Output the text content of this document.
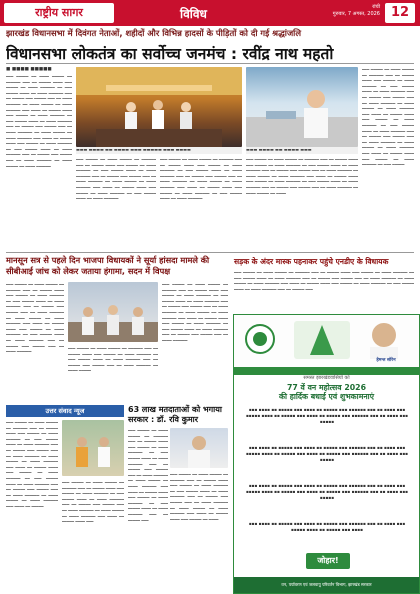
राष्ट्रीय सागर	विविध	रांची
गुरुवार, 7 अगस्त, 2026 12
झारखंड विधानसभा में दिवंगत नेताओं, शहीदों और विभिन्न हादसों के पीड़ितों को दी गई श्रद्धांजलि
विधानसभा लोकतंत्र का सर्वोच्च जनमंच : रवींद्र नाथ महतो
■ ■■■■ ■■■■■
━━━ ━━━━━ ━━ ━━━━ ━━━━━ ━━ ━━━━━━ ━━━ ━━ ━━━━━ ━━━━ ━━━ ━━━━━ ━━ ━━━━ ━━━━━━ ━━ ━━━ ━━━━━ ━━━━ ━━ ━━━━ ━━━━━━ ━━━ ━━ ━━━━━ ━━━ ━━━━━ ━━━ ━━ ━━━━ ━━━━━━ ━━ ━━━━ ━━━━━ ━━ ━━━━ ━━━━━━ ━━━ ━━━━ ━━ ━━━━━ ━━━━ ━━━ ━━━━━ ━━ ━━━━ ━━━━━━ ━━ ━━━ ━━━━━ ━━━━ ━━ ━━━━ ━━━━━━ ━━━ ━━ ━━━━━ ━━━ ━━━━━ ━━━ ━━ ━━━━ ━━━━━━ ━━ ━━━━ ━━━━━ ━━ ━━━━ ━━━━━━ ━━━ ━━━━ ━━ ━━━━━ ━━━━ ━━━ ━━━━━ ━━ ━━━━ ━━━━━━ ━━ ━━━ ━━━━━ ━━━━ ━━ ━━━━ ━━━━━━ ━━━ ━━ ━━━━━ ━━━ ━━━━━ ━━━ ━━ ━━━━ ━━━━━━ ━━ ━━━━ ━━━━━ ━━ ━━━━ ━━━━━━
▬▬▬ ▬▬▬▬ ▬▬ ▬▬▬▬ ▬▬▬ ▬▬▬▬▬ ▬▬▬ ▬▬▬▬	▬▬▬ ▬▬▬▬ ▬▬ ▬▬▬▬ ▬▬▬
━━━ ━━━━━ ━━ ━━━━ ━━━━━ ━━ ━━━━━━ ━━━ ━━ ━━━━━ ━━━━ ━━━ ━━━━━ ━━ ━━━━ ━━━━━━ ━━ ━━━ ━━━━━ ━━━━ ━━ ━━━━ ━━━━━━ ━━━ ━━ ━━━━━ ━━━ ━━━━━ ━━━ ━━ ━━━━ ━━━━━━ ━━ ━━━━ ━━━━━ ━━ ━━━━ ━━━━━━ ━━━ ━━━━ ━━ ━━━━━ ━━━━ ━━━ ━━━━━ ━━ ━━━━ ━━━━━━ ━━ ━━━ ━━━━━ ━━━━ ━━ ━━━━ ━━━━━━ ━━━ ━━ ━━━━━ ━━━ ━━━━━ ━━━ ━━ ━━━━ ━━━━━━ ━━ ━━━━ ━━━━━ ━━ ━━━━ ━━━━━━ ━━━ ━━━━ ━━ ━━━━━ ━━━━ ━━━ ━━━━━ ━━ ━━━━ ━━━━━━ ━━ ━━━ ━━━━━
━━━ ━━━━━ ━━ ━━━━ ━━━━━ ━━ ━━━━━━ ━━━ ━━ ━━━━━ ━━━━ ━━━ ━━━━━ ━━ ━━━━ ━━━━━━ ━━ ━━━ ━━━━━ ━━━━ ━━ ━━━━ ━━━━━━ ━━━ ━━ ━━━━━ ━━━ ━━━━━ ━━━ ━━ ━━━━ ━━━━━━ ━━ ━━━━ ━━━━━ ━━ ━━━━ ━━━━━━ ━━━ ━━━━ ━━ ━━━━━ ━━━━ ━━━ ━━━━━ ━━ ━━━━ ━━━━━━ ━━ ━━━ ━━━━━ ━━━━ ━━ ━━━━ ━━━━━━
━━━ ━━━━━ ━━ ━━━━ ━━━━━ ━━ ━━━━━━ ━━━ ━━ ━━━━━ ━━━━ ━━━ ━━━━━ ━━ ━━━━ ━━━━━━ ━━ ━━━ ━━━━━ ━━━━ ━━ ━━━━ ━━━━━━ ━━━ ━━ ━━━━━ ━━━ ━━━━━ ━━━ ━━ ━━━━ ━━━━━━ ━━ ━━━━ ━━━━━ ━━ ━━━━ ━━━━━━ ━━━ ━━━━ ━━ ━━━━━ ━━━━ ━━━ ━━━━━ ━━ ━━━━ ━━━━━━ ━━ ━━━ ━━━━━ ━━━━ ━━ ━━━━ ━━━━━━
━━━ ━━━━━ ━━ ━━━━ ━━━━━ ━━ ━━━━━━ ━━━ ━━ ━━━━━ ━━━━ ━━━ ━━━━━ ━━ ━━━━ ━━━━━━ ━━ ━━━ ━━━━━ ━━━━ ━━ ━━━━ ━━━━━━ ━━━ ━━ ━━━━━ ━━━ ━━━━━ ━━━ ━━ ━━━━ ━━━━━━ ━━ ━━━━ ━━━━━ ━━ ━━━━ ━━━━━━ ━━━ ━━━━ ━━ ━━━━━ ━━━━ ━━━ ━━━━━ ━━ ━━━━ ━━━━━━ ━━ ━━━ ━━━━━ ━━━━ ━━ ━━━━ ━━━━━━ ━━━ ━━ ━━━━━ ━━━ ━━━━━ ━━━ ━━ ━━━━ ━━━━━━ ━━ ━━━━ ━━━━━ ━━ ━━━━
मानसून सत्र से पहले दिन भाजपा विधायकों ने सूर्या हांसदा मामले की सीबीआई जांच को लेकर जताया हंगामा, सदन में विपक्ष
सड़क के अंदर मास्क पहनाकर पहुंचे एनडीए के विधायक
━━━ ━━━━━ ━━ ━━━━ ━━━━━ ━━ ━━━━━━ ━━━ ━━ ━━━━━ ━━━━ ━━━ ━━━━━ ━━ ━━━━ ━━━━━━ ━━ ━━━ ━━━━━ ━━━━ ━━ ━━━━ ━━━━━━ ━━━ ━━ ━━━━━ ━━━ ━━━━━ ━━━ ━━ ━━━━ ━━━━━━ ━━ ━━━━ ━━━━━ ━━ ━━━━ ━━━━━━ ━━━ ━━━━ ━━ ━━━━━ ━━━━ ━━━ ━━━━━ ━━ ━━━━ ━━━━━━ ━━ ━━━ ━━━━━ ━━━━ ━━ ━━━━ ━━━━━━ ━━━ ━━ ━━━━━ ━━━
━━━ ━━━━━ ━━ ━━━━ ━━━━━ ━━ ━━━━━━ ━━━ ━━ ━━━━━ ━━━━ ━━━ ━━━━━ ━━ ━━━━ ━━━━━━ ━━ ━━━ ━━━━━ ━━━━ ━━ ━━━━ ━━━━━━ ━━━ ━━ ━━━━━ ━━━ ━━━━━ ━━━ ━━ ━━━━ ━━━━━━ ━━ ━━━━ ━━━━━ ━━ ━━━━ ━━━━━━ ━━━ ━━━━ ━━ ━━━━━ ━━━━ ━━━ ━━━━━ ━━ ━━━━ ━━━━━━ ━━ ━━━ ━━━━━ ━━━━ ━━ ━━━━ ━━━━━━ ━━━ ━━ ━━━━━ ━━━ ━━━━━ ━━━ ━━ ━━━━ ━━━━━━
━━━ ━━━━━ ━━ ━━━━ ━━━━━ ━━ ━━━━━━ ━━━ ━━ ━━━━━ ━━━━ ━━━ ━━━━━ ━━ ━━━━ ━━━━━━ ━━ ━━━ ━━━━━ ━━━━ ━━ ━━━━ ━━━━━━ ━━━ ━━ ━━━━━ ━━━ ━━━━━ ━━━ ━━ ━━━━ ━━━━━━ ━━ ━━━━ ━━━━━ ━━ ━━━━ ━━━━━━ ━━━ ━━━━ ━━ ━━━━━ ━━━━ ━━━ ━━━━━ ━━ ━━━━ ━━━━━━ ━━ ━━━ ━━━━━ ━━━━ ━━ ━━━━ ━━━━━━ ━━━ ━━ ━━━━━ ━━━ ━━━━━ ━━━ ━━ ━━━━ ━━━━━━
━━━ ━━━━━ ━━ ━━━━ ━━━━━ ━━ ━━━━━━ ━━━ ━━ ━━━━━ ━━━━ ━━━ ━━━━━ ━━ ━━━━ ━━━━━━ ━━ ━━━ ━━━━━ ━━━━ ━━ ━━━━ ━━━━━━ ━━━ ━━ ━━━━━ ━━━ ━━━━━ ━━━ ━━ ━━━━ ━━━━━━ ━━ ━━━━ ━━━━━
उत्तर संवाद न्यूज
━━━ ━━━━━ ━━ ━━━━ ━━━━━ ━━ ━━━━━━ ━━━ ━━ ━━━━━ ━━━━ ━━━ ━━━━━ ━━ ━━━━ ━━━━━━ ━━ ━━━ ━━━━━ ━━━━ ━━ ━━━━ ━━━━━━ ━━━ ━━ ━━━━━ ━━━ ━━━━━ ━━━ ━━ ━━━━ ━━━━━━ ━━ ━━━━ ━━━━━ ━━ ━━━━ ━━━━━━ ━━━ ━━━━ ━━ ━━━━━ ━━━━ ━━━ ━━━━━ ━━ ━━━━ ━━━━━━ ━━ ━━━ ━━━━━ ━━━━ ━━ ━━━━ ━━━━━━ ━━━ ━━ ━━━━━ ━━━ ━━━━━ ━━━ ━━ ━━━━ ━━━━━━ ━━ ━━━━ ━━━━━ ━━ ━━━━ ━━━━━━ ━━━ ━━━━ ━━ ━━━━━
━━━ ━━━━━ ━━ ━━━━ ━━━━━ ━━ ━━━━━━ ━━━ ━━ ━━━━━ ━━━━ ━━━ ━━━━━ ━━ ━━━━ ━━━━━━ ━━ ━━━ ━━━━━ ━━━━ ━━ ━━━━ ━━━━━━ ━━━ ━━ ━━━━━ ━━━ ━━━━━ ━━━ ━━ ━━━━ ━━━━━━ ━━ ━━━━ ━━━━━ ━━ ━━━━ ━━━━━━ ━━━ ━━━━ ━━ ━━━━━ ━━━━ ━━━
63 लाख मतदाताओं को भगाया सरकार : डॉ. रवि कुमार
━━━ ━━━━━ ━━ ━━━━ ━━━━━ ━━ ━━━━━━ ━━━ ━━ ━━━━━ ━━━━ ━━━ ━━━━━ ━━ ━━━━ ━━━━━━ ━━ ━━━ ━━━━━ ━━━━ ━━ ━━━━ ━━━━━━ ━━━ ━━ ━━━━━ ━━━ ━━━━━ ━━━ ━━ ━━━━ ━━━━━━ ━━ ━━━━ ━━━━━ ━━ ━━━━ ━━━━━━ ━━━ ━━━━ ━━ ━━━━━ ━━━━ ━━━ ━━━━━ ━━ ━━━━ ━━━━━━ ━━ ━━━ ━━━━━ ━━━━ ━━ ━━━━ ━━━━━━ ━━━ ━━ ━━━━━ ━━━
━━━ ━━━━━ ━━ ━━━━ ━━━━━ ━━ ━━━━━━ ━━━ ━━ ━━━━━ ━━━━ ━━━ ━━━━━ ━━ ━━━━ ━━━━━━ ━━ ━━━ ━━━━━ ━━━━ ━━ ━━━━ ━━━━━━ ━━━ ━━ ━━━━━ ━━━ ━━━━━ ━━━ ━━ ━━━━ ━━━━━━ ━━ ━━━━ ━━━━━ ━━ ━━━━ ━━━━━━ ━━━ ━━━━ ━━ ━━━━━ ━━━━ ━━━ ━━━━━ ━━ ━━━━
हेमन्त सोरेन
समस्त झारखंडवासियों को
77 वें वन महोत्सव 2026
की हार्दिक बधाई एवं शुभकामनाएं
▪▪▪ ▪▪▪▪ ▪▪ ▪▪▪▪▪ ▪▪▪ ▪▪▪▪ ▪▪ ▪▪▪▪▪ ▪▪▪ ▪▪▪▪▪▪ ▪▪▪ ▪▪ ▪▪▪▪ ▪▪▪ ▪▪▪▪▪ ▪▪▪▪ ▪▪ ▪▪▪▪▪ ▪▪▪ ▪▪▪▪ ▪▪ ▪▪▪▪▪ ▪▪▪ ▪▪▪▪▪▪ ▪▪▪ ▪▪ ▪▪▪▪ ▪▪▪ ▪▪▪▪▪
▪▪▪ ▪▪▪▪ ▪▪ ▪▪▪▪▪ ▪▪▪ ▪▪▪▪ ▪▪ ▪▪▪▪▪ ▪▪▪ ▪▪▪▪▪▪ ▪▪▪ ▪▪ ▪▪▪▪ ▪▪▪ ▪▪▪▪▪ ▪▪▪▪ ▪▪ ▪▪▪▪▪ ▪▪▪ ▪▪▪▪ ▪▪ ▪▪▪▪▪ ▪▪▪ ▪▪▪▪▪▪ ▪▪▪ ▪▪ ▪▪▪▪ ▪▪▪ ▪▪▪▪▪
▪▪▪ ▪▪▪▪ ▪▪ ▪▪▪▪▪ ▪▪▪ ▪▪▪▪ ▪▪ ▪▪▪▪▪ ▪▪▪ ▪▪▪▪▪▪ ▪▪▪ ▪▪ ▪▪▪▪ ▪▪▪ ▪▪▪▪▪ ▪▪▪▪ ▪▪ ▪▪▪▪▪ ▪▪▪ ▪▪▪▪ ▪▪ ▪▪▪▪▪ ▪▪▪ ▪▪▪▪▪▪ ▪▪▪ ▪▪ ▪▪▪▪ ▪▪▪ ▪▪▪▪▪
▪▪▪ ▪▪▪▪ ▪▪ ▪▪▪▪▪ ▪▪▪ ▪▪▪▪ ▪▪ ▪▪▪▪▪ ▪▪▪ ▪▪▪▪▪▪ ▪▪▪ ▪▪ ▪▪▪▪ ▪▪▪ ▪▪▪▪▪ ▪▪▪▪ ▪▪ ▪▪▪▪▪ ▪▪▪ ▪▪▪▪
जोहार!
वन, पर्यावरण एवं जलवायु परिवर्तन विभाग, झारखंड सरकार
